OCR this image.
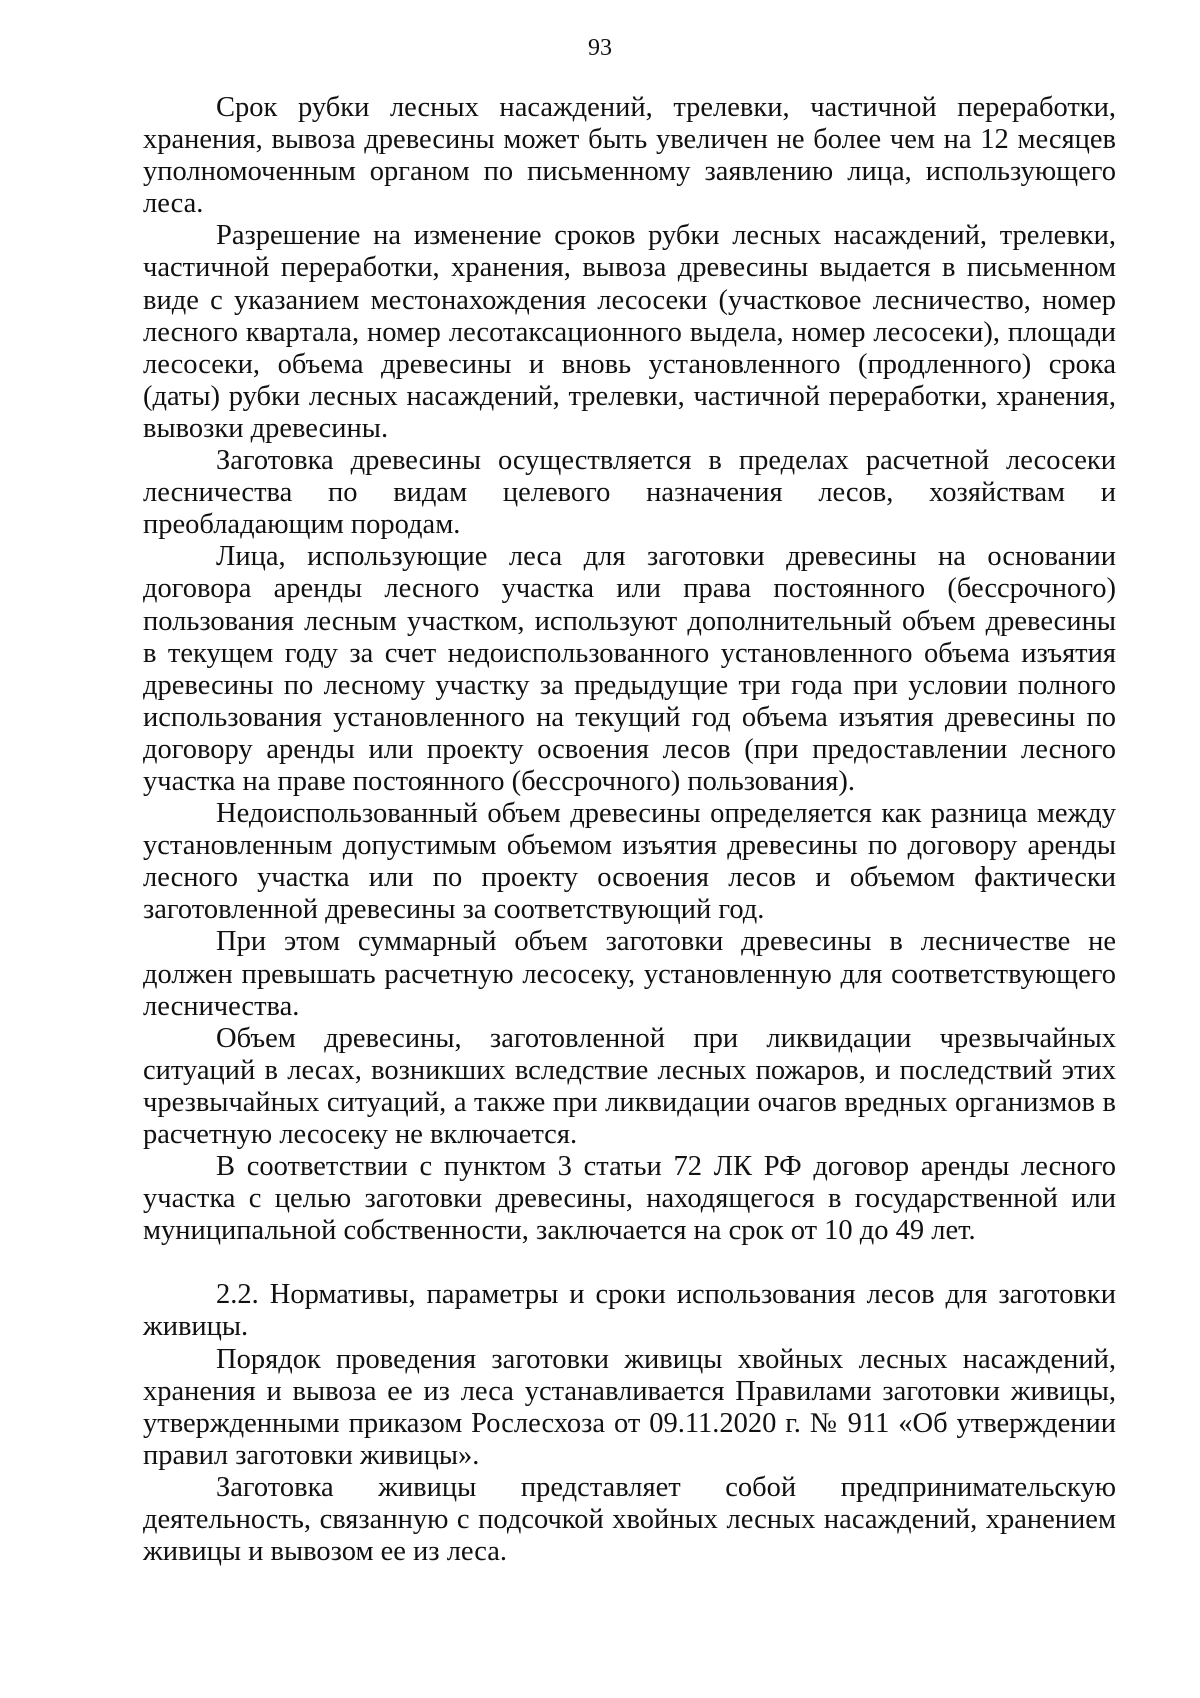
93

Срок рубки лесных насаждений, трелевки, частичной переработки, хранения, вывоза древесины может быть увеличен не более чем на 12 месяцев уполномоченным органом по письменному заявлению лица, использующего леса.

Разрешение на изменение сроков рубки лесных насаждений, трелевки, частичной переработки, хранения, вывоза древесины выдается в письменном виде с указанием местонахождения лесосеки (участковое лесничество, номер лесного квартала, номер лесотаксационного выдела, номер лесосеки), площади лесосеки, объема древесины и вновь установленного (продленного) срока (даты) рубки лесных насаждений, трелевки, частичной переработки, хранения, вывозки древесины.

Заготовка древесины осуществляется в пределах расчетной лесосеки лесничества по видам целевого назначения лесов, хозяйствам и преобладающим породам.

Лица, использующие леса для заготовки древесины на основании договора аренды лесного участка или права постоянного (бессрочного) пользования лесным участком, используют дополнительный объем древесины в текущем году за счет недоиспользованного установленного объема изъятия древесины по лесному участку за предыдущие три года при условии полного использования установленного на текущий год объема изъятия древесины по договору аренды или проекту освоения лесов (при предоставлении лесного участка на праве постоянного (бессрочного) пользования).

Недоиспользованный объем древесины определяется как разница между установленным допустимым объемом изъятия древесины по договору аренды лесного участка или по проекту освоения лесов и объемом фактически заготовленной древесины за соответствующий год.

При этом суммарный объем заготовки древесины в лесничестве не должен превышать расчетную лесосеку, установленную для соответствующего лесничества.

Объем древесины, заготовленной при ликвидации чрезвычайных ситуаций в лесах, возникших вследствие лесных пожаров, и последствий этих чрезвычайных ситуаций, а также при ликвидации очагов вредных организмов в расчетную лесосеку не включается.

В соответствии с пунктом 3 статьи 72 ЛК РФ договор аренды лесного участка с целью заготовки древесины, находящегося в государственной или муниципальной собственности, заключается на срок от 10 до 49 лет.

2.2. Нормативы, параметры и сроки использования лесов для заготовки живицы.

Порядок проведения заготовки живицы хвойных лесных насаждений, хранения и вывоза ее из леса устанавливается Правилами заготовки живицы, утвержденными приказом Рослесхоза от 09.11.2020 г. № 911 «Об утверждении правил заготовки живицы».

Заготовка живицы представляет собой предпринимательскую деятельность, связанную с подсочкой хвойных лесных насаждений, хранением живицы и вывозом ее из леса.
